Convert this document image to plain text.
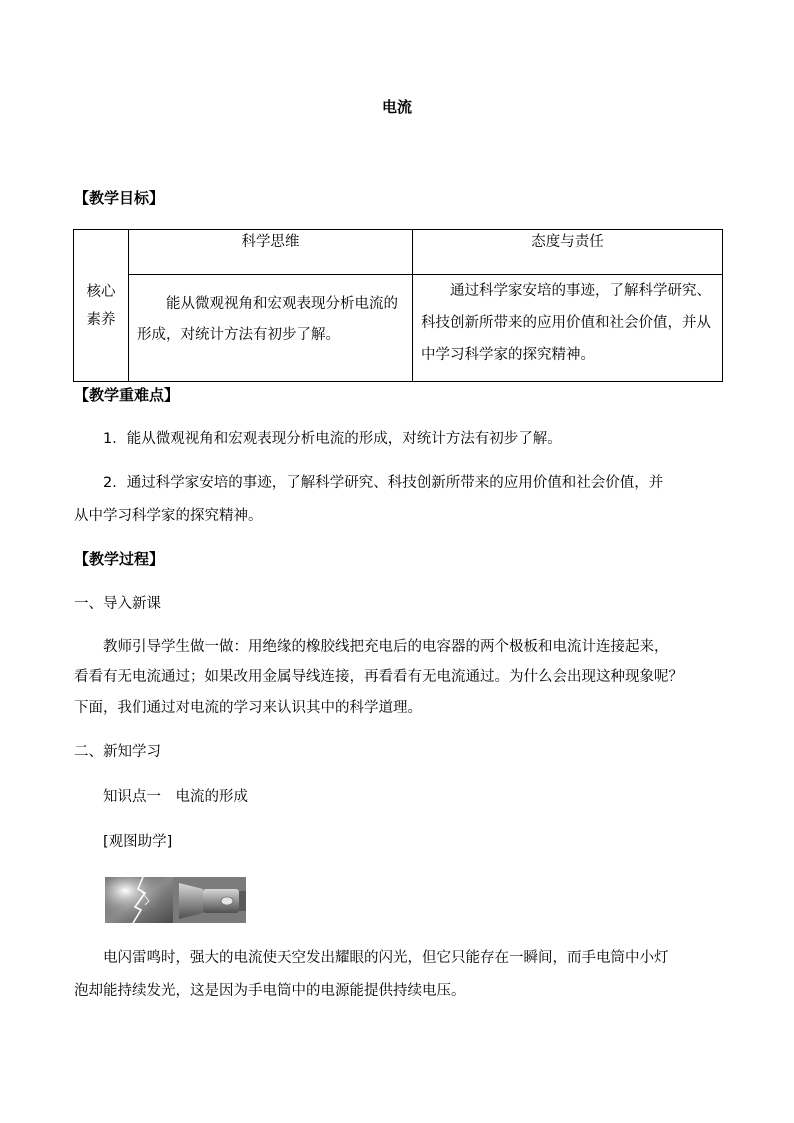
电流
【教学目标】
核心
素养	科学思维	态度与责任

	能从微观视角和宏观表现分析电流的形成，对统计方法有初步了解。	通过科学家安培的事迹，了解科学研究、科技创新所带来的应用价值和社会价值，并从中学习科学家的探究精神。
【教学重难点】
1．能从微观视角和宏观表现分析电流的形成，对统计方法有初步了解。
2．通过科学家安培的事迹，了解科学研究、科技创新所带来的应用价值和社会价值，并
从中学习科学家的探究精神。
【教学过程】
一、导入新课
教师引导学生做一做：用绝缘的橡胶线把充电后的电容器的两个极板和电流计连接起来，
看看有无电流通过；如果改用金属导线连接，再看看有无电流通过。为什么会出现这种现象呢？
下面，我们通过对电流的学习来认识其中的科学道理。
二、新知学习
知识点一　电流的形成
[观图助学]
电闪雷鸣时，强大的电流使天空发出耀眼的闪光，但它只能存在一瞬间，而手电筒中小灯
泡却能持续发光，这是因为手电筒中的电源能提供持续电压。
